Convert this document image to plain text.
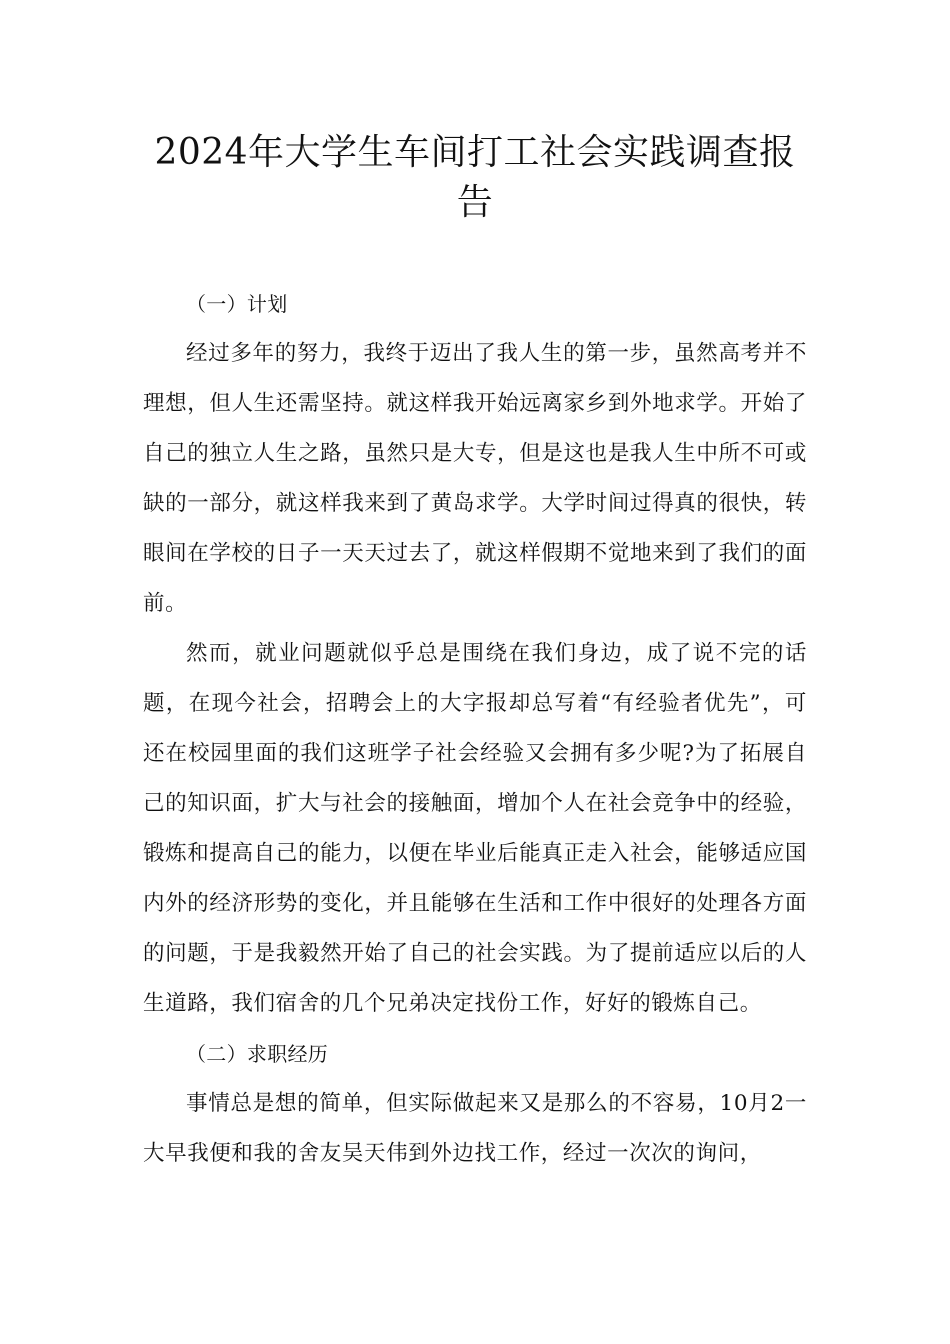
2024年大学生车间打工社会实践调查报告

（一）计划

经过多年的努力，我终于迈出了我人生的第一步，虽然高考并不理想，但人生还需坚持。就这样我开始远离家乡到外地求学。开始了自己的独立人生之路，虽然只是大专，但是这也是我人生中所不可或缺的一部分，就这样我来到了黄岛求学。大学时间过得真的很快，转眼间在学校的日子一天天过去了，就这样假期不觉地来到了我们的面前。

然而，就业问题就似乎总是围绕在我们身边，成了说不完的话题，在现今社会，招聘会上的大字报却总写着“有经验者优先”，可还在校园里面的我们这班学子社会经验又会拥有多少呢?为了拓展自己的知识面，扩大与社会的接触面，增加个人在社会竞争中的经验，锻炼和提高自己的能力，以便在毕业后能真正走入社会，能够适应国内外的经济形势的变化，并且能够在生活和工作中很好的处理各方面的问题，于是我毅然开始了自己的社会实践。为了提前适应以后的人生道路，我们宿舍的几个兄弟决定找份工作，好好的锻炼自己。

（二）求职经历

事情总是想的简单，但实际做起来又是那么的不容易，10月2一大早我便和我的舍友吴天伟到外边找工作，经过一次次的询问，
